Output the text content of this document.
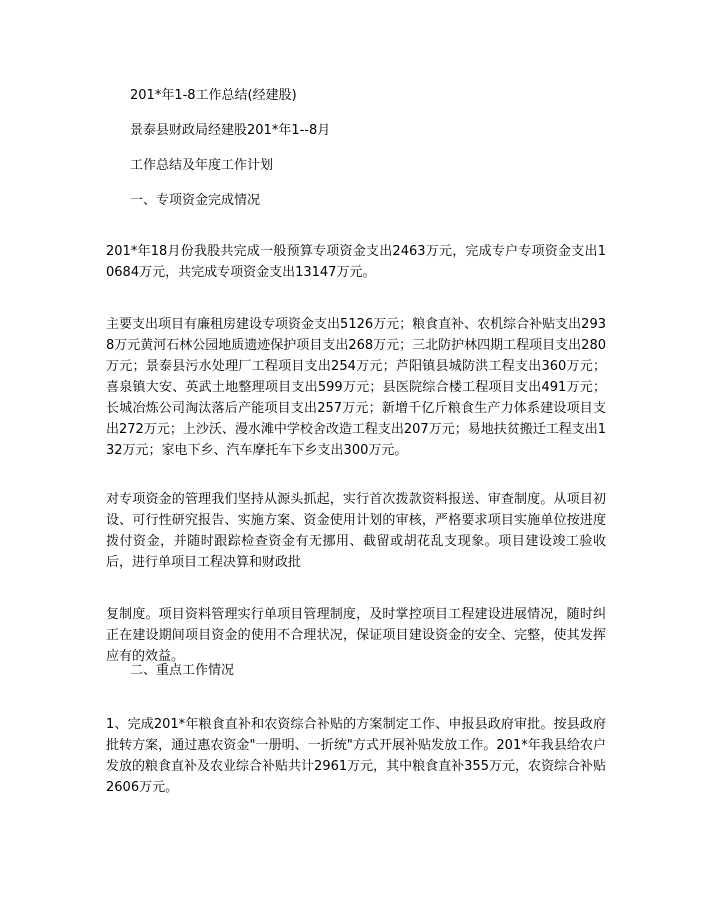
201*年1-8工作总结(经建股)

景泰县财政局经建股201*年1--8月

工作总结及年度工作计划

一、专项资金完成情况

201*年18月份我股共完成一般预算专项资金支出2463万元，完成专户专项资金支出10684万元，共完成专项资金支出13147万元。

主要支出项目有廉租房建设专项资金支出5126万元；粮食直补、农机综合补贴支出2938万元黄河石林公园地质遗迹保护项目支出268万元；三北防护林四期工程项目支出280万元；景泰县污水处理厂工程项目支出254万元；芦阳镇县城防洪工程支出360万元；喜泉镇大安、英武土地整理项目支出599万元；县医院综合楼工程项目支出491万元；长城冶炼公司淘汰落后产能项目支出257万元；新增千亿斤粮食生产力体系建设项目支出272万元；上沙沃、漫水滩中学校舍改造工程支出207万元；易地扶贫搬迁工程支出132万元；家电下乡、汽车摩托车下乡支出300万元。

对专项资金的管理我们坚持从源头抓起，实行首次拨款资料报送、审查制度。从项目初设、可行性研究报告、实施方案、资金使用计划的审核，严格要求项目实施单位按进度拨付资金，并随时跟踪检查资金有无挪用、截留或胡花乱支现象。项目建设竣工验收后，进行单项目工程决算和财政批

复制度。项目资料管理实行单项目管理制度，及时掌控项目工程建设进展情况，随时纠正在建设期间项目资金的使用不合理状况，保证项目建设资金的安全、完整，使其发挥应有的效益。

二、重点工作情况

1、完成201*年粮食直补和农资综合补贴的方案制定工作、申报县政府审批。按县政府批转方案，通过惠农资金"一册明、一折统"方式开展补贴发放工作。201*年我县给农户发放的粮食直补及农业综合补贴共计2961万元，其中粮食直补355万元，农资综合补贴2606万元。
